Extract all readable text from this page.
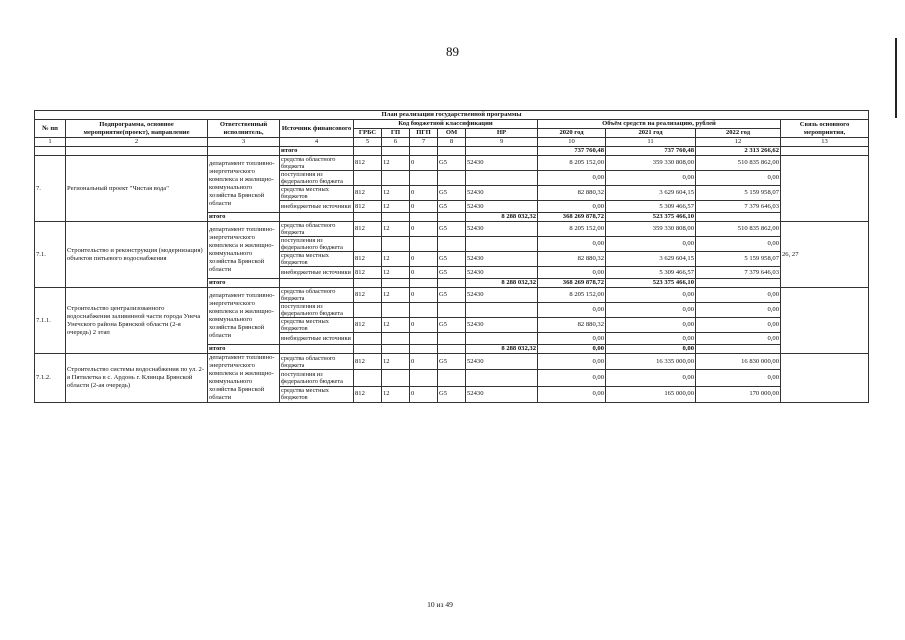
89
План реализации государственной программы												
№ пп	Подпрограмма, основное мероприятие(проект), направление	Ответственный исполнитель,	Источник финансового	Код бюджетной классификации					Объём средств на реализацию, рублей			Связь основного мероприятия,
				ГРБС	ГП	ПГП	ОМ	НР	2020 год	2021 год	2022 год	
1	2	3	4	5	6	7	8	9	10	11	12	13
			итого						737 760,48	737 760,48	2 313 266,62	
7.	Региональный проект "Чистая вода"	департамент топливно-энергетического комплекса и жилищно-коммунального хозяйства Брянской области	средства областного бюджета	812	12	0	G5	52430	8 205 152,00	359 330 808,00	510 835 862,00	
			поступления из федерального бюджета						0,00	0,00	0,00	
			средства местных бюджетов	812	12	0	G5	52430	82 880,32	3 629 604,15	5 159 958,07	
			внебюджетные источники	812	12	0	G5	52430	0,00	5 309 466,57	7 379 646,03	
		итого						8 288 032,32	368 269 878,72	523 375 466,10		
7.1.	Строительство и реконструкция (модернизация) объектов питьевого водоснабжения	департамент топливно-энергетического комплекса и жилищно-коммунального хозяйства Брянской области	средства областного бюджета	812	12	0	G5	52430	8 205 152,00	359 330 808,00	510 835 862,00	26, 27
			поступления из федерального бюджета						0,00	0,00	0,00	
			средства местных бюджетов	812	12	0	G5	52430	82 880,32	3 629 604,15	5 159 958,07	
			внебюджетные источники	812	12	0	G5	52430	0,00	5 309 466,57	7 379 646,03	
		итого						8 288 032,32	368 269 878,72	523 375 466,10		
7.1.1.	Строительство централизованного водоснабжения заливинной части города Унеча Унечского района Брянской области (2-я очередь) 2 этап	департамент топливно-энергетического комплекса и жилищно-коммунального хозяйства Брянской области	средства областного бюджета	812	12	0	G5	52430	8 205 152,00	0,00	0,00	
			поступления из федерального бюджета						0,00	0,00	0,00	
			средства местных бюджетов	812	12	0	G5	52430	82 880,32	0,00	0,00	
			внебюджетные источники						0,00	0,00	0,00	
		итого						8 288 032,32	0,00	0,00		
7.1.2.	Строительство системы водоснабжения по ул. 2-я Пятилетка в с. Ардонь г. Клинцы Брянской области (2-ая очередь)	департамент топливно-энергетического комплекса и жилищно-коммунального хозяйства Брянской области	средства областного бюджета	812	12	0	G5	52430	0,00	16 335 000,00	16 830 000,00	
			поступления из федерального бюджета						0,00	0,00	0,00	
			средства местных бюджетов	812	12	0	G5	52430	0,00	165 000,00	170 000,00	
10 из 49
